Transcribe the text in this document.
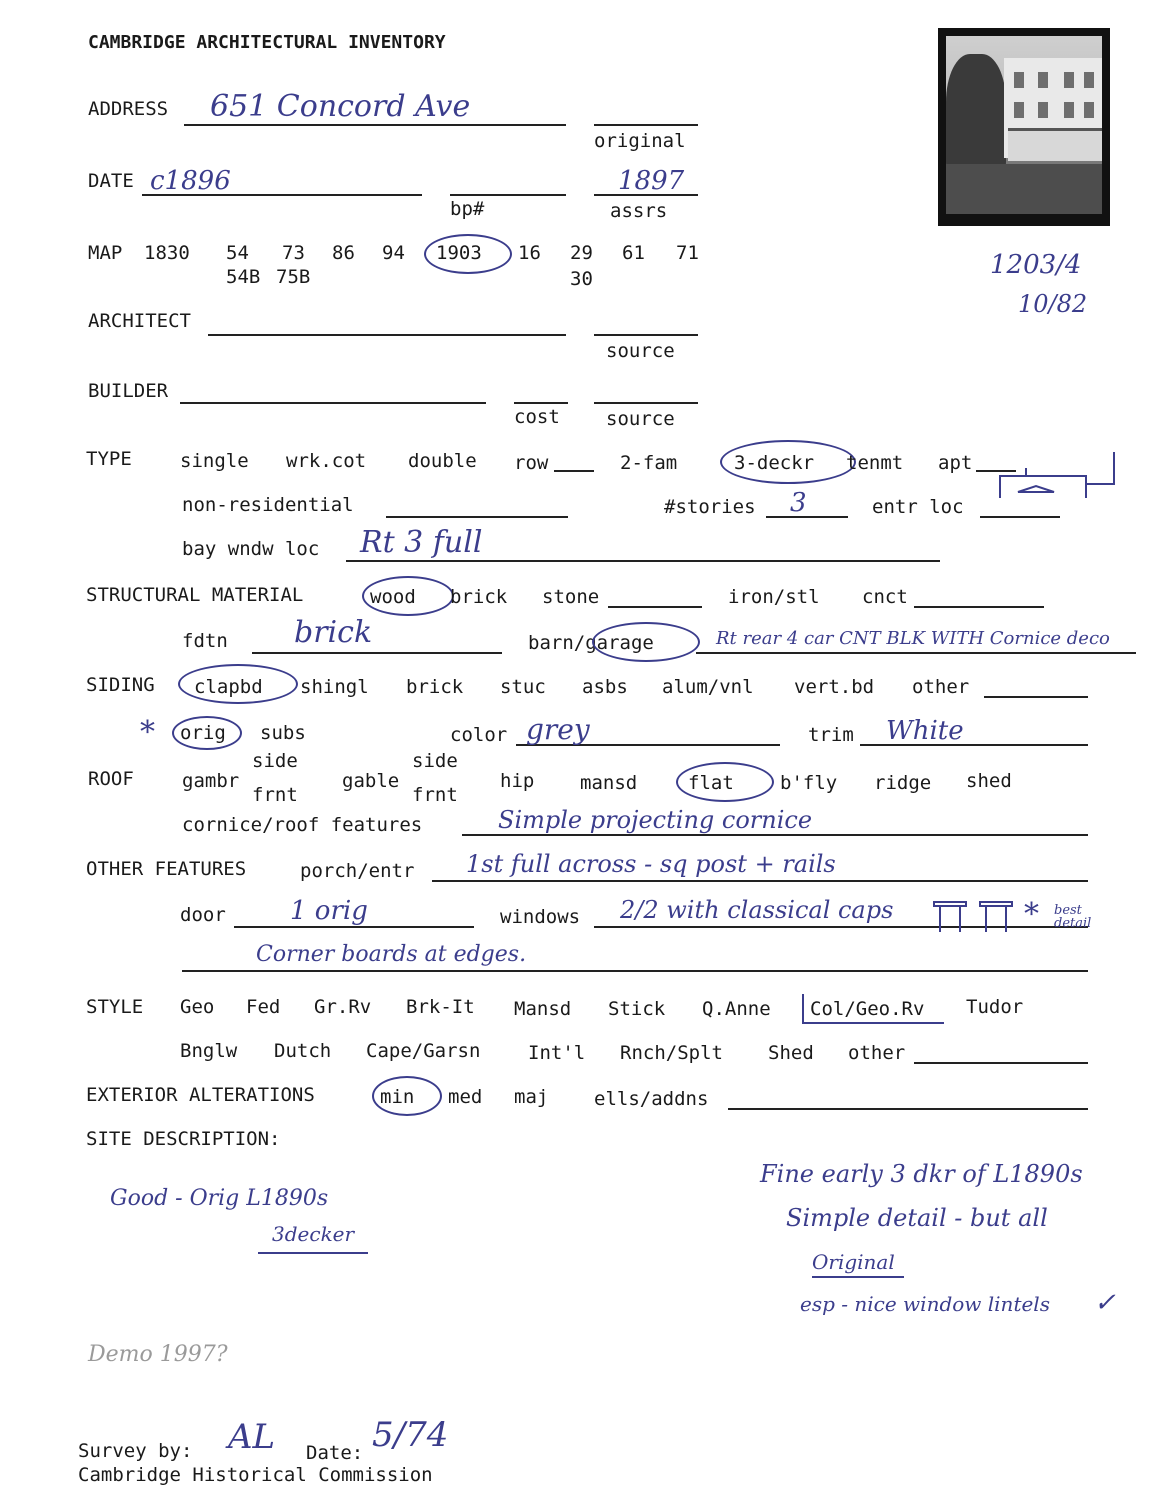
CAMBRIDGE ARCHITECTURAL INVENTORY
1203/4
10/82
ADDRESS 651 Concord Ave
original
DATE c1896	1897
bp#	assrs
MAP 1830 54 73 86 94 1903 16 29 61 71
54B 75B	30
ARCHITECT
source
BUILDER
cost source
TYPE	single wrk.cot double row	2-fam	3-deckr tenmt apt
non-residential	#stories 3	entr loc
bay wndw loc Rt 3 full
STRUCTURAL MATERIAL	wood brick stone	iron/stl cnct
fdtn brick	barn/garage	Rt rear 4 car CNT BLK WITH Cornice deco
SIDING clapbd shingl brick stuc asbs alum/vnl vert.bd other
* orig subs	color grey	trim White
ROOF	gambr
side
frnt
gable
side
frnt
hip mansd	flat b'fly ridge shed
cornice/roof features	Simple projecting cornice
OTHER FEATURES	porch/entr 1st full across - sq post + rails
door 1 orig	windows 2/2 with classical caps	* best detail
Corner boards at edges.
STYLE Geo Fed Gr.Rv Brk-It Mansd Stick Q.Anne Col/Geo.Rv Tudor
Bnglw Dutch Cape/Garsn	Int'l Rnch/Splt Shed other
EXTERIOR ALTERATIONS	min med maj ells/addns
SITE DESCRIPTION:
Good - Orig L1890s
3decker
Fine early 3 dkr of L1890s
Simple detail - but all
Original
esp - nice window lintels ✓
Demo 1997?
Survey by: AL Date: 5/74
Cambridge Historical Commission
